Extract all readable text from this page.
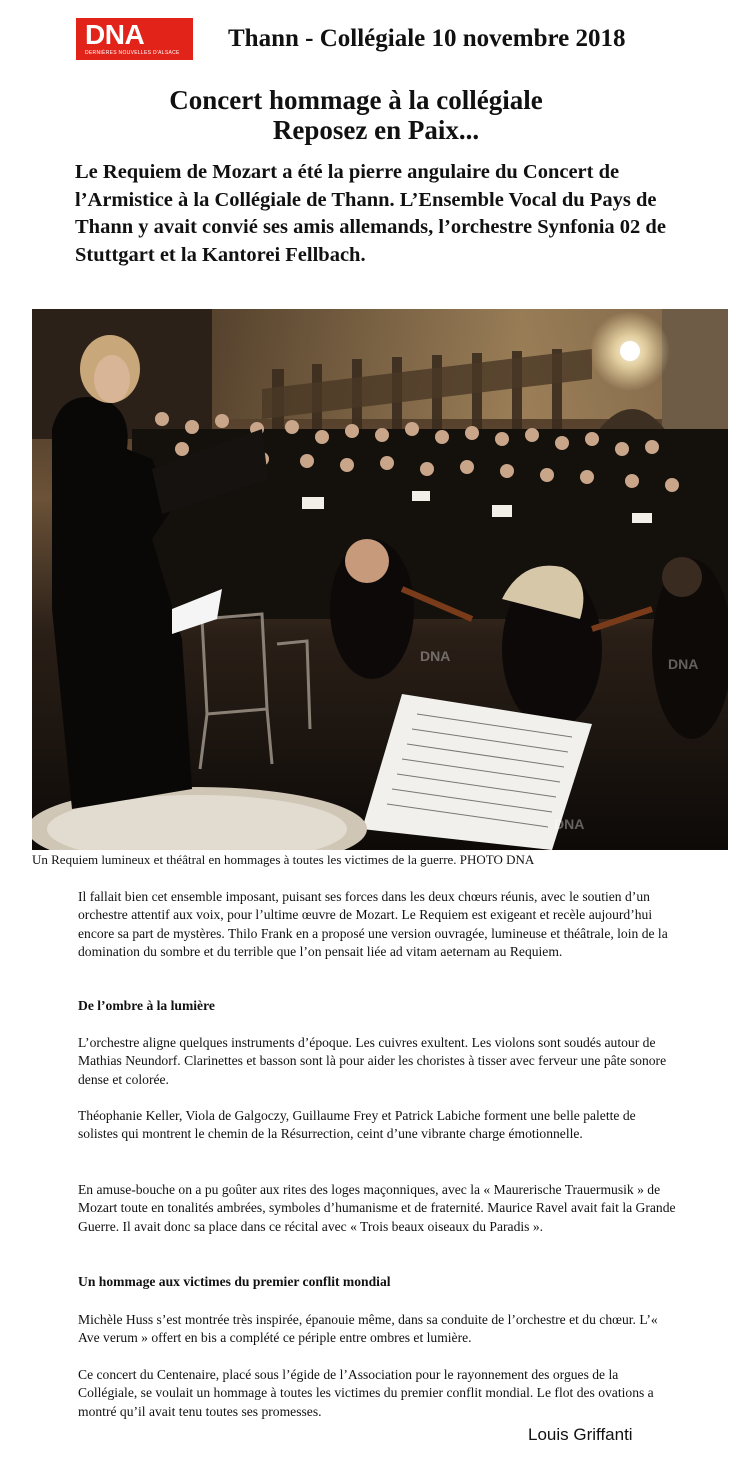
DNA
DERNIÈRES NOUVELLES D'ALSACE
Thann - Collégiale 10 novembre 2018
Concert hommage à la collégiale
Reposez en Paix...

Le Requiem de Mozart a été la pierre angulaire du Concert de l’Armistice à la Collégiale de Thann. L’Ensemble Vocal du Pays de Thann y avait convié ses amis allemands, l’orchestre Synfonia 02 de Stuttgart et la Kantorei Fellbach.

DNA	DNA
DNA
Un Requiem lumineux et théâtral en hommages à toutes les victimes de la guerre. PHOTO DNA

Il fallait bien cet ensemble imposant, puisant ses forces dans les deux chœurs réunis, avec le soutien d’un orchestre attentif aux voix, pour l’ultime œuvre de Mozart. Le Requiem est exigeant et recèle aujourd’hui encore sa part de mystères. Thilo Frank en a proposé une version ouvragée, lumineuse et théâtrale, loin de la domination du sombre et du terrible que l’on pensait liée ad vitam aeternam au Requiem.

De l’ombre à la lumière

L’orchestre aligne quelques instruments d’époque. Les cuivres exultent. Les violons sont soudés autour de Mathias Neundorf. Clarinettes et basson sont là pour aider les choristes à tisser avec ferveur une pâte sonore dense et colorée.

Théophanie Keller, Viola de Galgoczy, Guillaume Frey et Patrick Labiche forment une belle palette de solistes qui montrent le chemin de la Résurrection, ceint d’une vibrante charge émotionnelle.

En amuse-bouche on a pu goûter aux rites des loges maçonniques, avec la « Maurerische Trauermusik » de Mozart toute en tonalités ambrées, symboles d’humanisme et de fraternité. Maurice Ravel avait fait la Grande Guerre. Il avait donc sa place dans ce récital avec « Trois beaux oiseaux du Paradis ».

Un hommage aux victimes du premier conflit mondial

Michèle Huss s’est montrée très inspirée, épanouie même, dans sa conduite de l’orchestre et du chœur. L’« Ave verum » offert en bis a complété ce périple entre ombres et lumière.

Ce concert du Centenaire, placé sous l’égide de l’Association pour le rayonnement des orgues de la Collégiale, se voulait un hommage à toutes les victimes du premier conflit mondial. Le flot des ovations a montré qu’il avait tenu toutes ses promesses.

Louis Griffanti
